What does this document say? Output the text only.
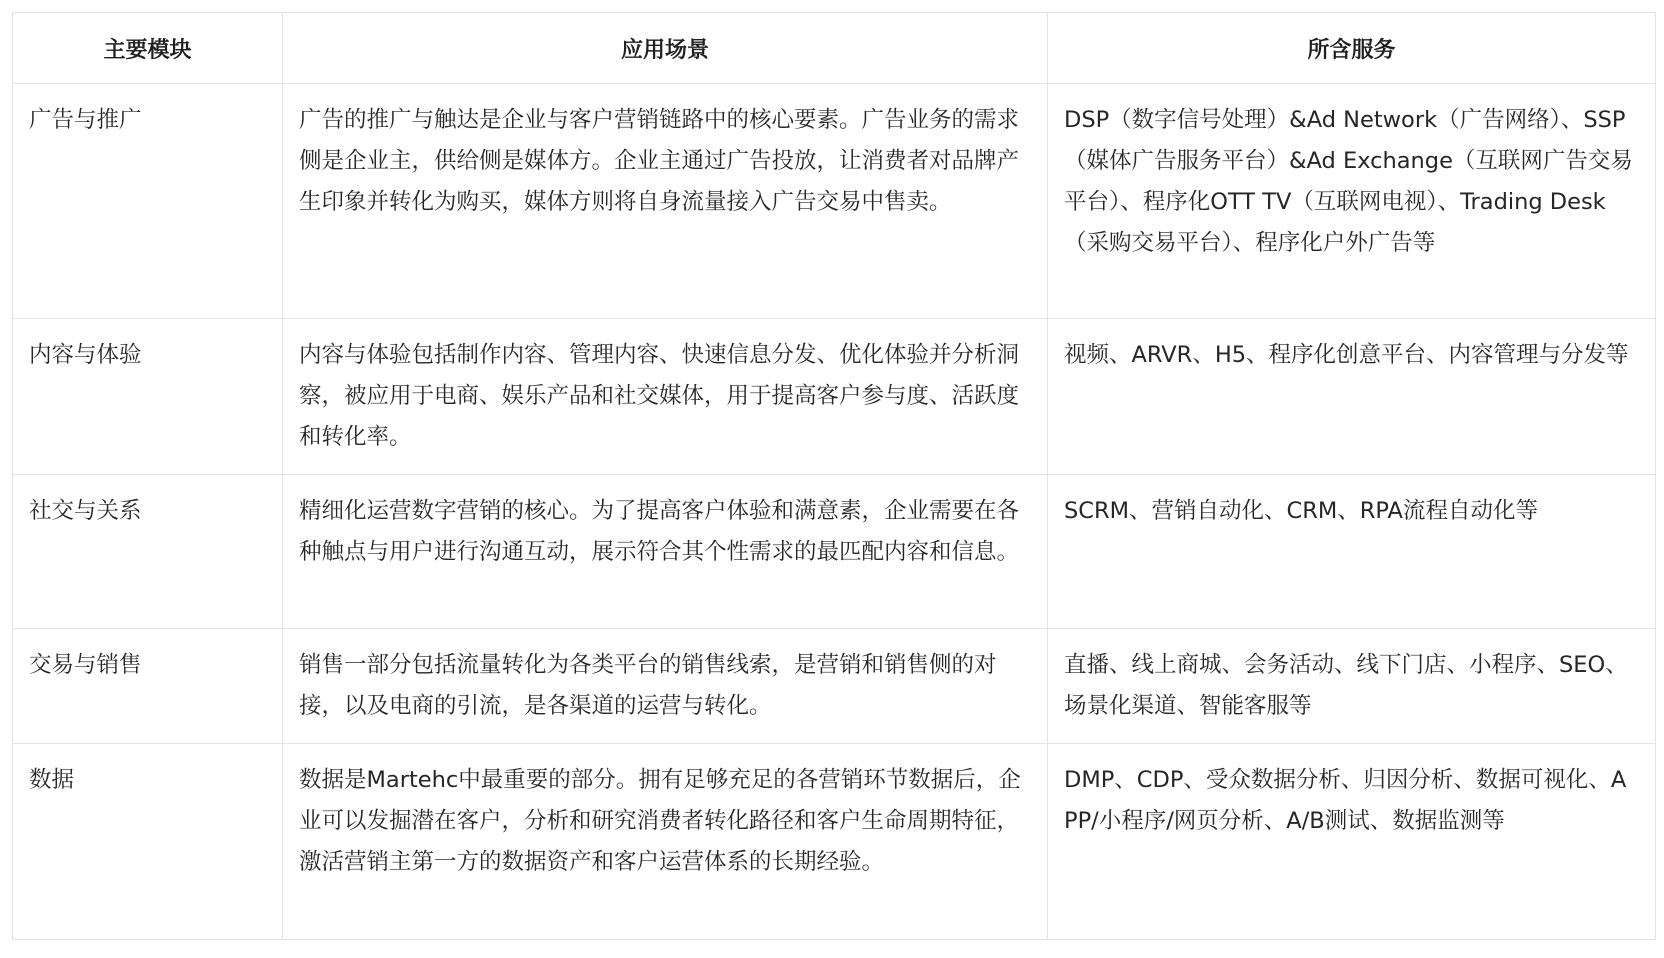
主要模块	应用场景	所含服务
广告与推广	广告的推广与触达是企业与客户营销链路中的核心要素。广告业务的需求侧是企业主，供给侧是媒体方。企业主通过广告投放，让消费者对品牌产生印象并转化为购买，媒体方则将自身流量接入广告交易中售卖。	DSP（数字信号处理）&Ad Network（广告网络）、SSP（媒体广告服务平台）&Ad Exchange（互联网广告交易平台）、程序化OTT TV（互联网电视）、Trading Desk（采购交易平台）、程序化户外广告等
内容与体验	内容与体验包括制作内容、管理内容、快速信息分发、优化体验并分析洞察，被应用于电商、娱乐产品和社交媒体，用于提高客户参与度、活跃度和转化率。	视频、ARVR、H5、程序化创意平台、内容管理与分发等
社交与关系	精细化运营数字营销的核心。为了提高客户体验和满意素，企业需要在各种触点与用户进行沟通互动，展示符合其个性需求的最匹配内容和信息。	SCRM、营销自动化、CRM、RPA流程自动化等
交易与销售	销售一部分包括流量转化为各类平台的销售线索，是营销和销售侧的对接，以及电商的引流，是各渠道的运营与转化。	直播、线上商城、会务活动、线下门店、小程序、SEO、场景化渠道、智能客服等
数据	数据是Martehc中最重要的部分。拥有足够充足的各营销环节数据后，企业可以发掘潜在客户，分析和研究消费者转化路径和客户生命周期特征，激活营销主第一方的数据资产和客户运营体系的长期经验。	DMP、CDP、受众数据分析、归因分析、数据可视化、APP/小程序/网页分析、A/B测试、数据监测等
